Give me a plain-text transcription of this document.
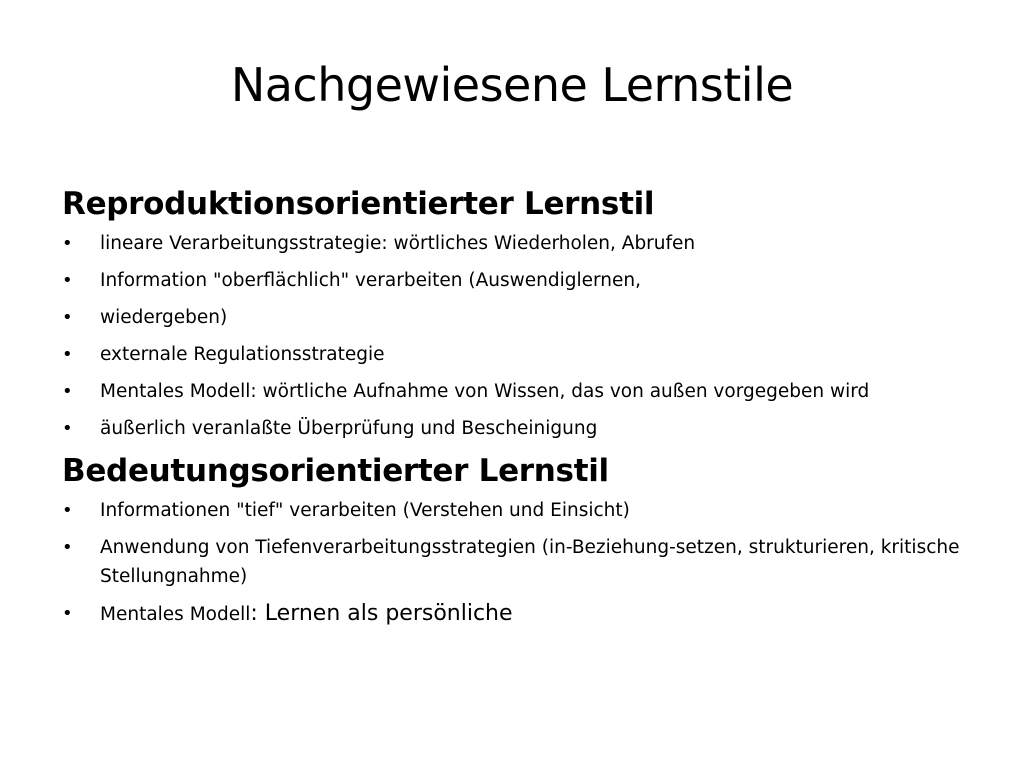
Nachgewiesene Lernstile
Reproduktionsorientierter Lernstil
• lineare Verarbeitungsstrategie: wörtliches Wiederholen, Abrufen
• Information "oberflächlich" verarbeiten (Auswendiglernen,
• wiedergeben)
• externale Regulationsstrategie
• Mentales Modell: wörtliche Aufnahme von Wissen, das von außen vorgegeben wird
• äußerlich veranlaßte Überprüfung und Bescheinigung
Bedeutungsorientierter Lernstil
• Informationen "tief" verarbeiten (Verstehen und Einsicht)
• Anwendung von Tiefenverarbeitungsstrategien (in-Beziehung-setzen, strukturieren, kritische Stellungnahme)
• Mentales Modell: Lernen als persönliche
